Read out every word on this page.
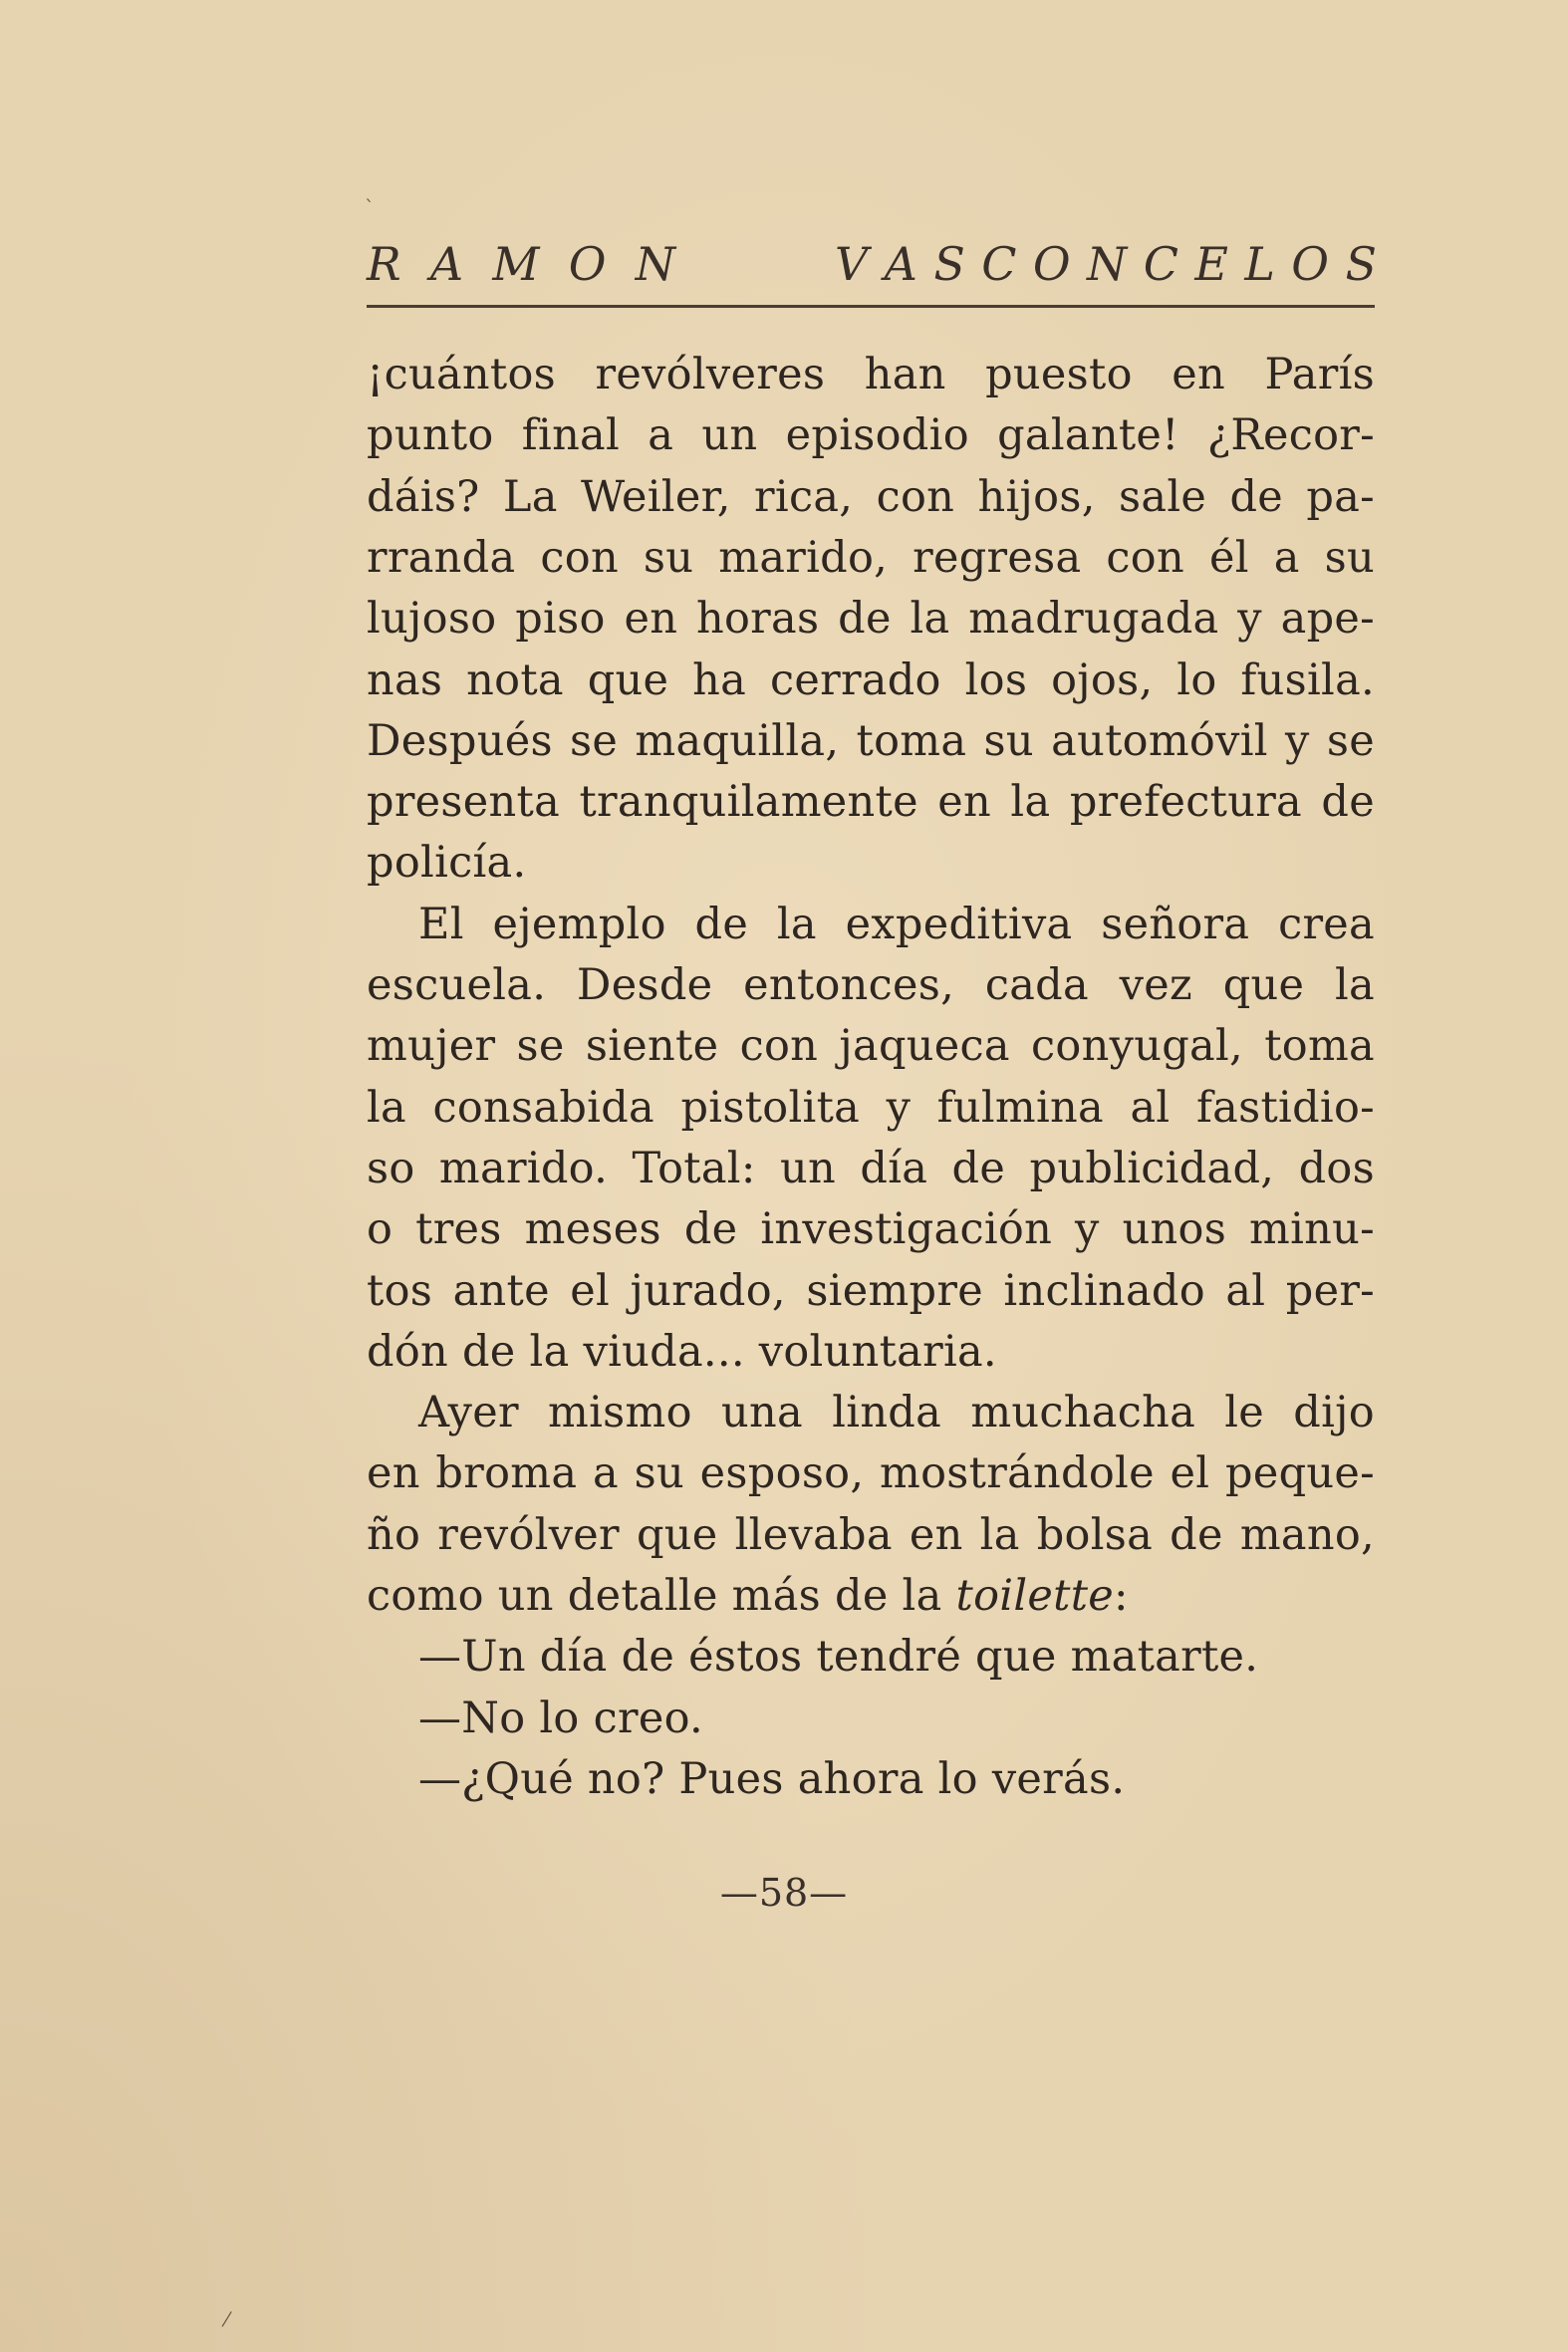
R A M O N	V A S C O N C E L O S
¡cuántos revólveres han puesto en París
punto final a un episodio galante! ¿Recor-
dáis? La Weiler, rica, con hijos, sale de pa-
rranda con su marido, regresa con él a su
lujoso piso en horas de la madrugada y ape-
nas nota que ha cerrado los ojos, lo fusila.
Después se maquilla, toma su automóvil y se
presenta tranquilamente en la prefectura de
policía.
El ejemplo de la expeditiva señora crea
escuela. Desde entonces, cada vez que la
mujer se siente con jaqueca conyugal, toma
la consabida pistolita y fulmina al fastidio-
so marido. Total: un día de publicidad, dos
o tres meses de investigación y unos minu-
tos ante el jurado, siempre inclinado al per-
dón de la viuda... voluntaria.
Ayer mismo una linda muchacha le dijo
en broma a su esposo, mostrándole el peque-
ño revólver que llevaba en la bolsa de mano,
como un detalle más de la toilette:
—Un día de éstos tendré que matarte.
—No lo creo.
—¿Qué no? Pues ahora lo verás.
—58—
ˋ
⁄
